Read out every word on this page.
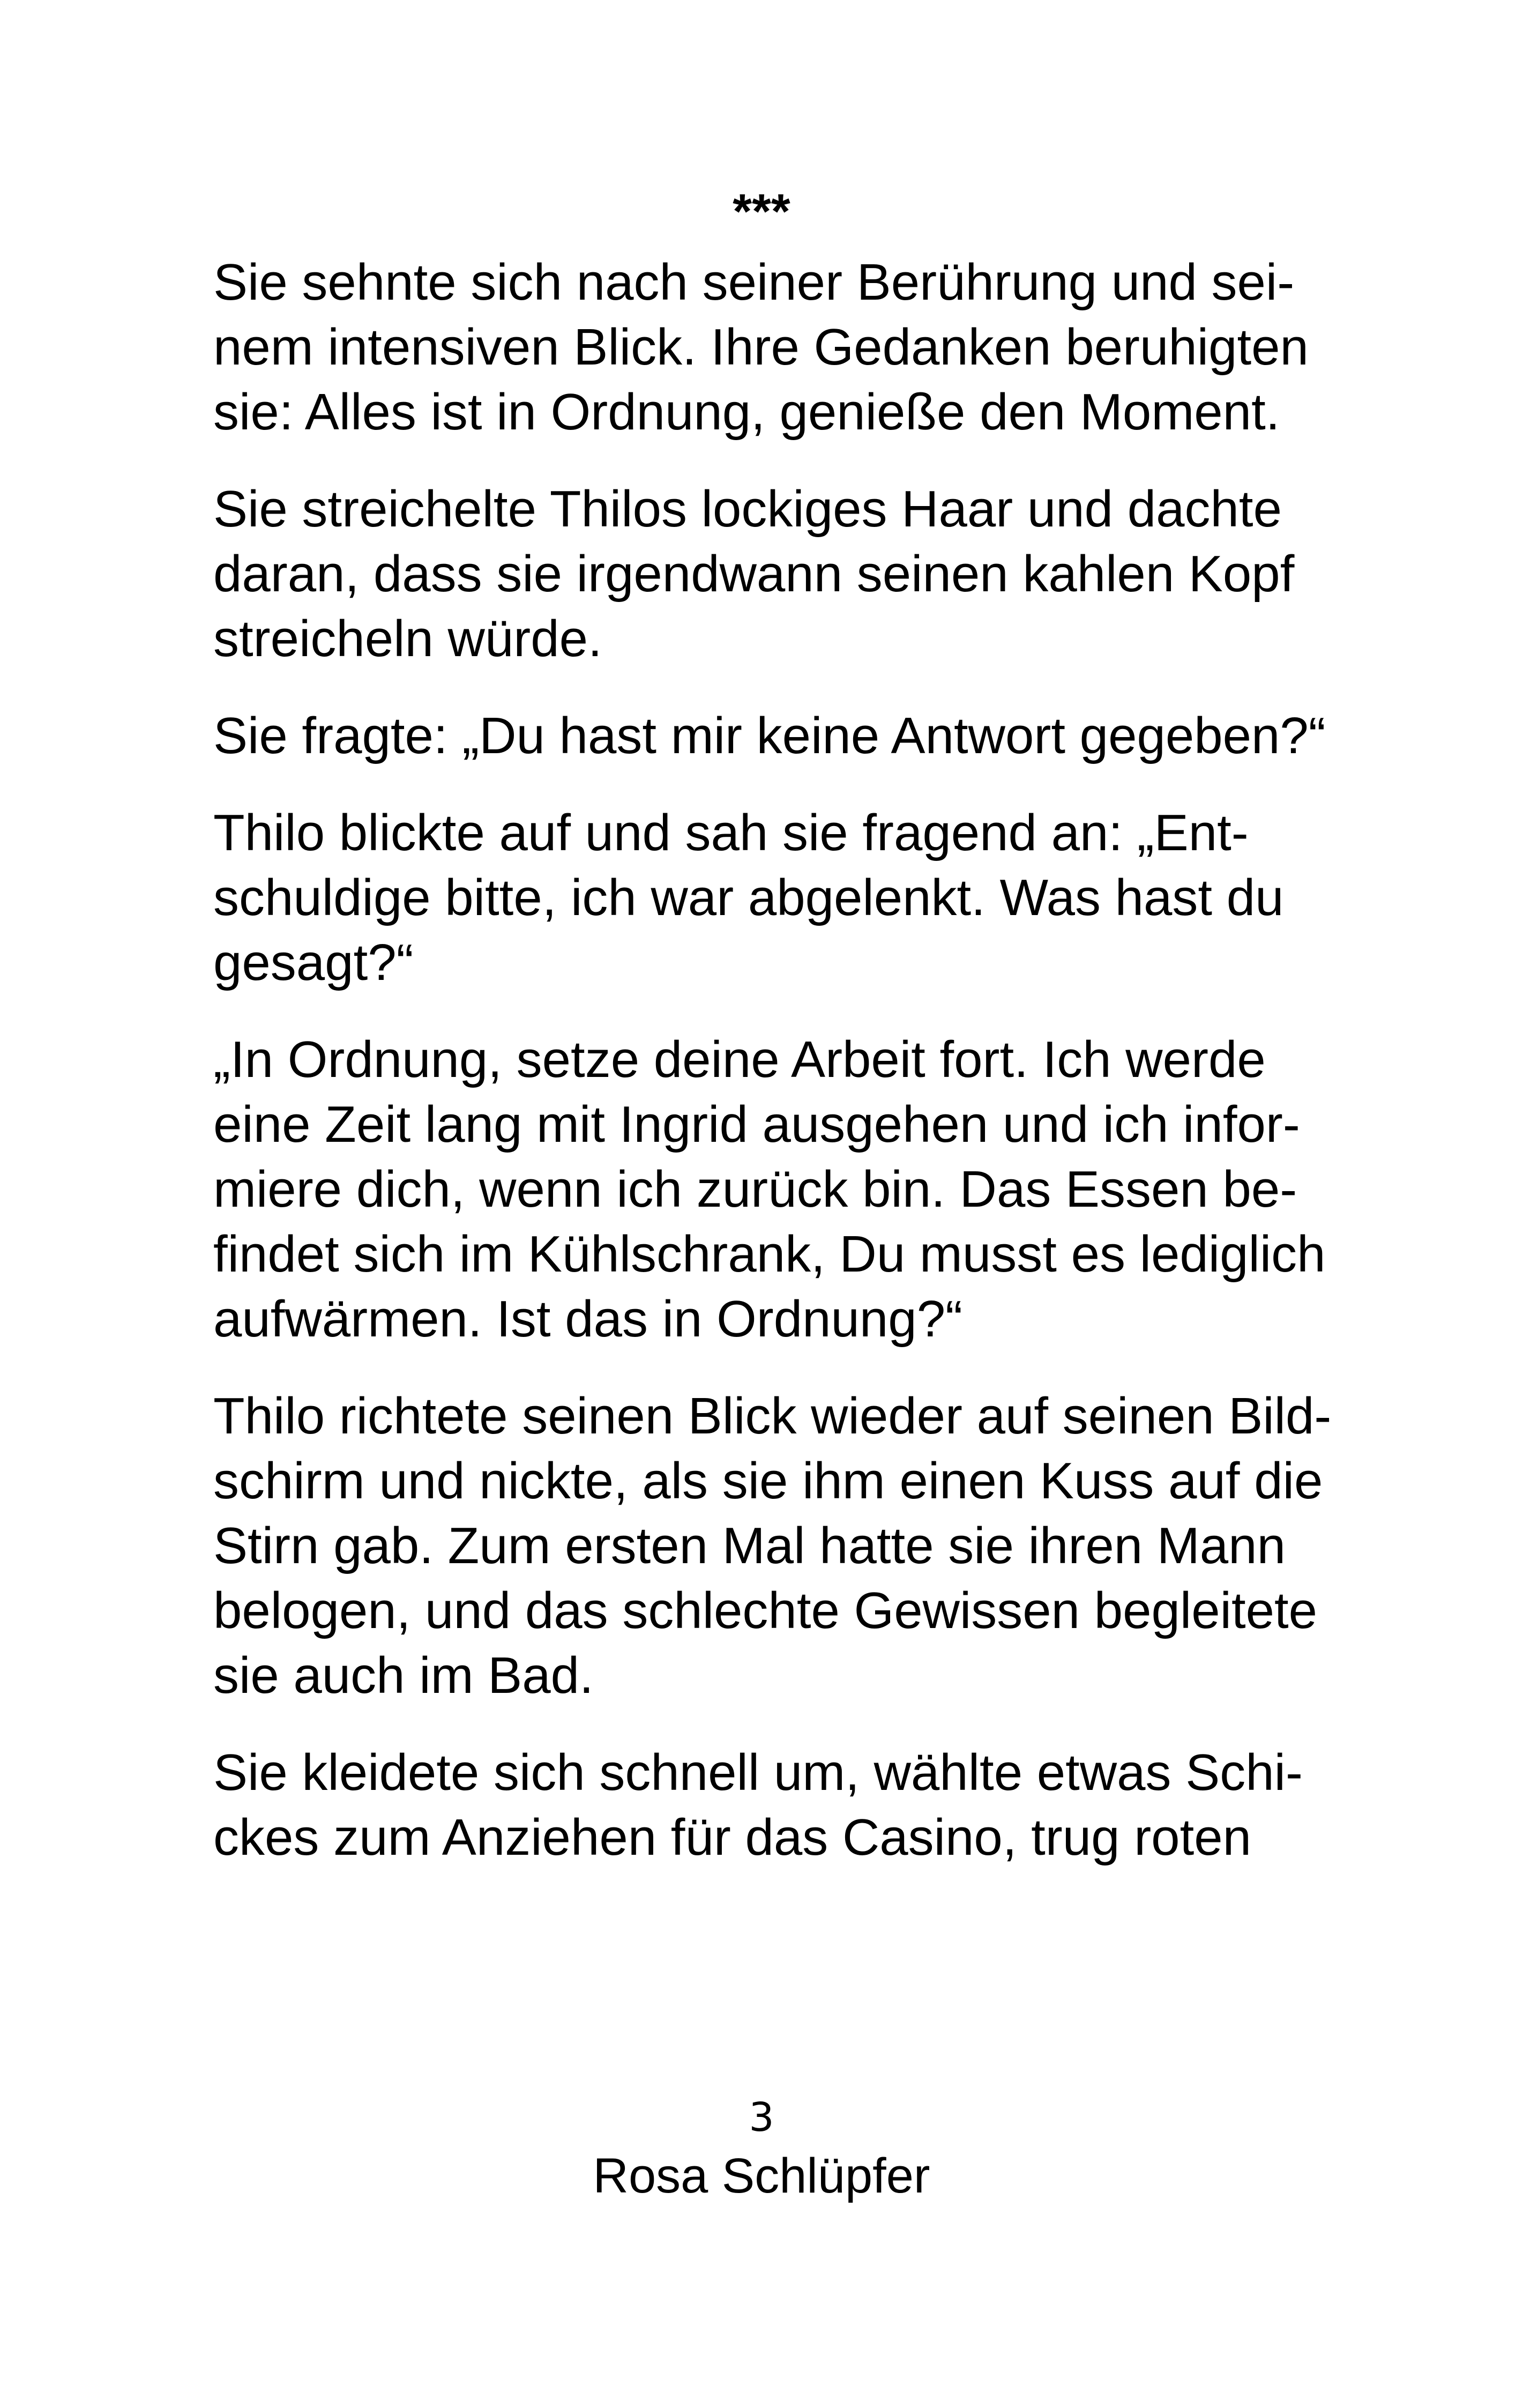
***

Sie sehnte sich nach seiner Berührung und sei-
nem intensiven Blick. Ihre Gedanken beruhigten
sie: Alles ist in Ordnung, genieße den Moment.

Sie streichelte Thilos lockiges Haar und dachte
daran, dass sie irgendwann seinen kahlen Kopf
streicheln würde.

Sie fragte: „Du hast mir keine Antwort gegeben?“

Thilo blickte auf und sah sie fragend an: „Ent-
schuldige bitte, ich war abgelenkt. Was hast du
gesagt?“

„In Ordnung, setze deine Arbeit fort. Ich werde
eine Zeit lang mit Ingrid ausgehen und ich infor-
miere dich, wenn ich zurück bin. Das Essen be-
findet sich im Kühlschrank, Du musst es lediglich
aufwärmen. Ist das in Ordnung?“

Thilo richtete seinen Blick wieder auf seinen Bild-
schirm und nickte, als sie ihm einen Kuss auf die
Stirn gab. Zum ersten Mal hatte sie ihren Mann
belogen, und das schlechte Gewissen begleitete
sie auch im Bad.

Sie kleidete sich schnell um, wählte etwas Schi-
ckes zum Anziehen für das Casino, trug roten

3
Rosa Schlüpfer
